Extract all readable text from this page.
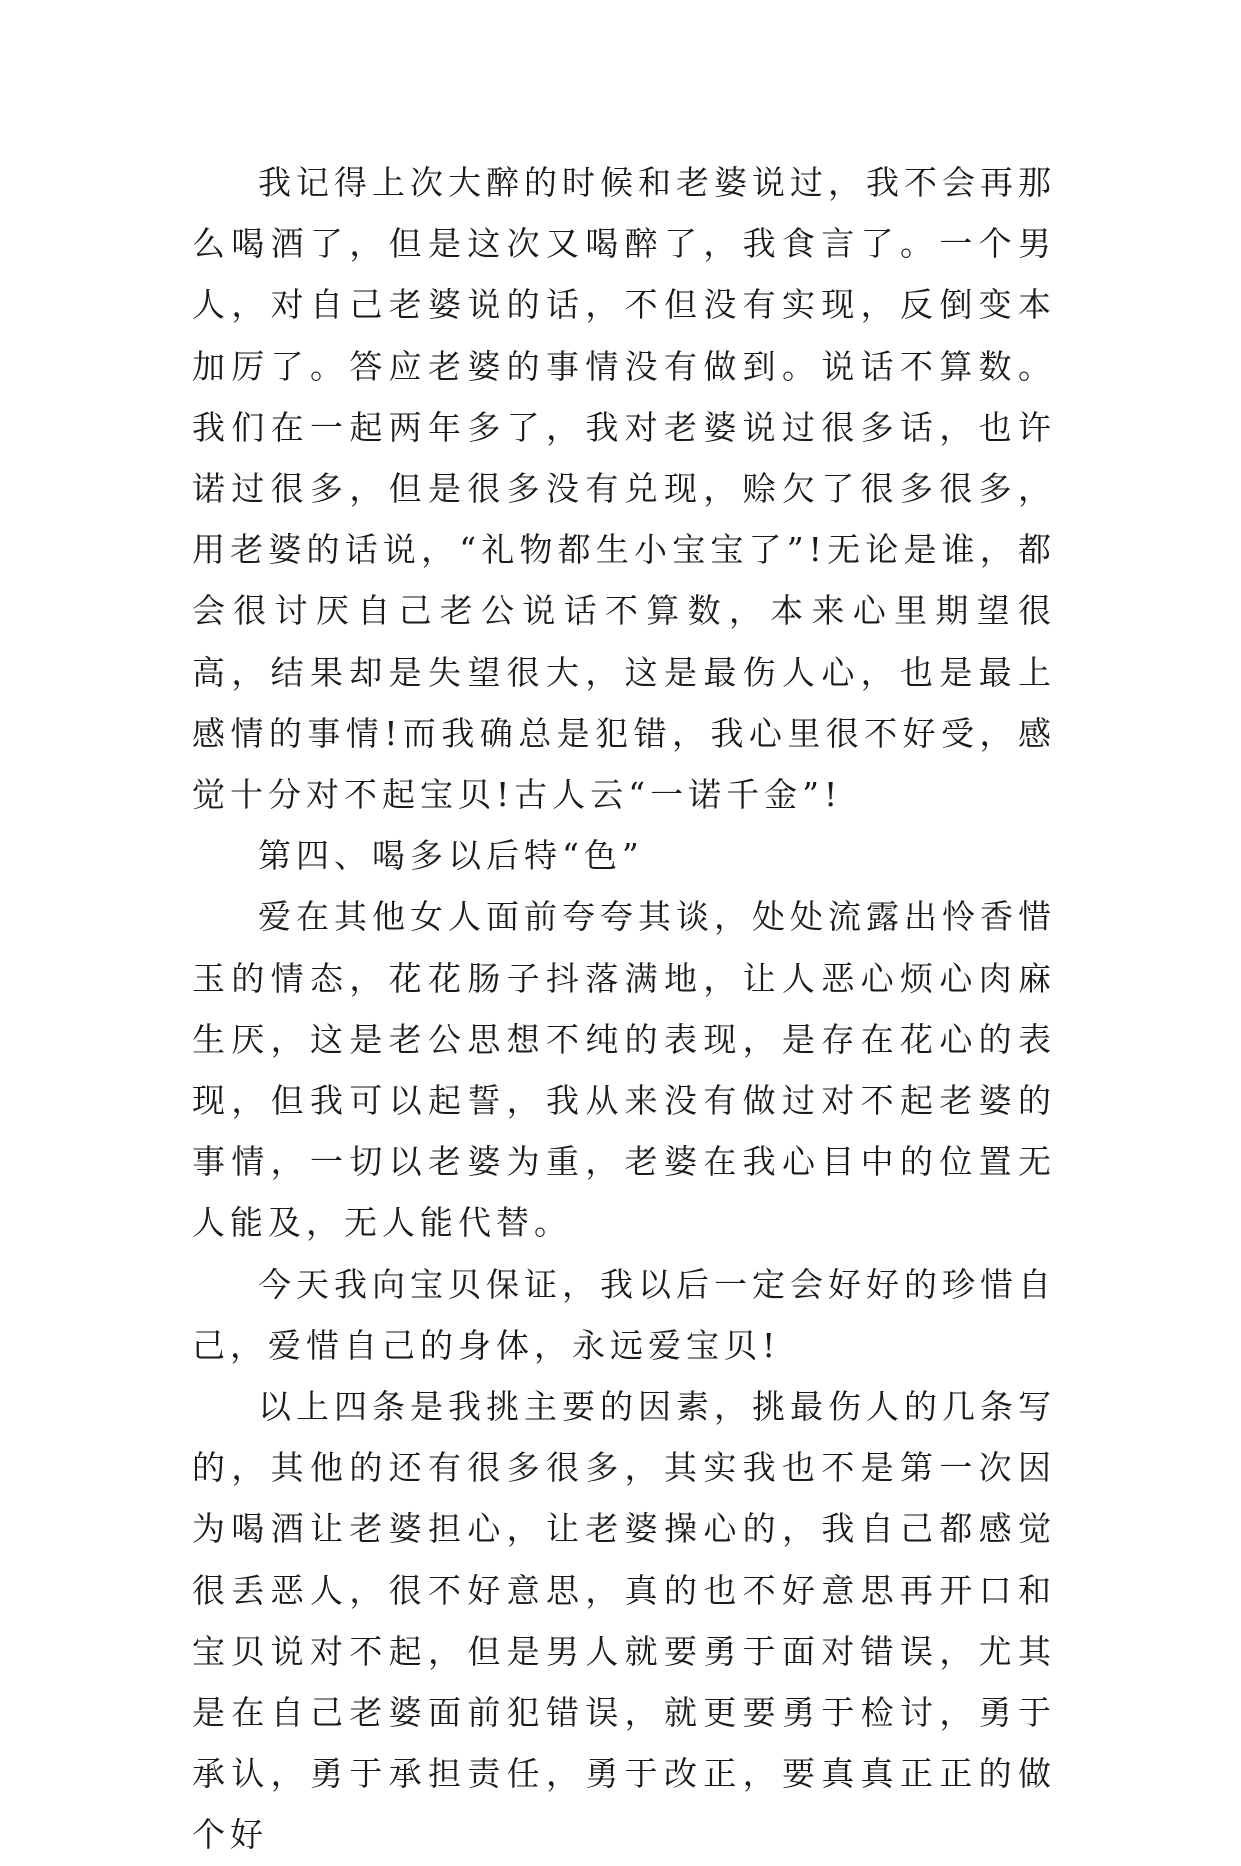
我记得上次大醉的时候和老婆说过，我不会再那么喝酒了，但是这次又喝醉了，我食言了。一个男人，对自己老婆说的话，不但没有实现，反倒变本加厉了。答应老婆的事情没有做到。说话不算数。我们在一起两年多了，我对老婆说过很多话，也许诺过很多，但是很多没有兑现，赊欠了很多很多，用老婆的话说，“礼物都生小宝宝了”!无论是谁，都会很讨厌自己老公说话不算数，本来心里期望很高，结果却是失望很大，这是最伤人心，也是最上感情的事情!而我确总是犯错，我心里很不好受，感觉十分对不起宝贝!古人云“一诺千金”!

第四、喝多以后特“色”

爱在其他女人面前夸夸其谈，处处流露出怜香惜玉的情态，花花肠子抖落满地，让人恶心烦心肉麻生厌，这是老公思想不纯的表现，是存在花心的表现，但我可以起誓，我从来没有做过对不起老婆的事情，一切以老婆为重，老婆在我心目中的位置无人能及，无人能代替。

今天我向宝贝保证，我以后一定会好好的珍惜自己，爱惜自己的身体，永远爱宝贝!

以上四条是我挑主要的因素，挑最伤人的几条写的，其他的还有很多很多，其实我也不是第一次因为喝酒让老婆担心，让老婆操心的，我自己都感觉很丢恶人，很不好意思，真的也不好意思再开口和宝贝说对不起，但是男人就要勇于面对错误，尤其是在自己老婆面前犯错误，就更要勇于检讨，勇于承认，勇于承担责任，勇于改正，要真真正正的做个好
